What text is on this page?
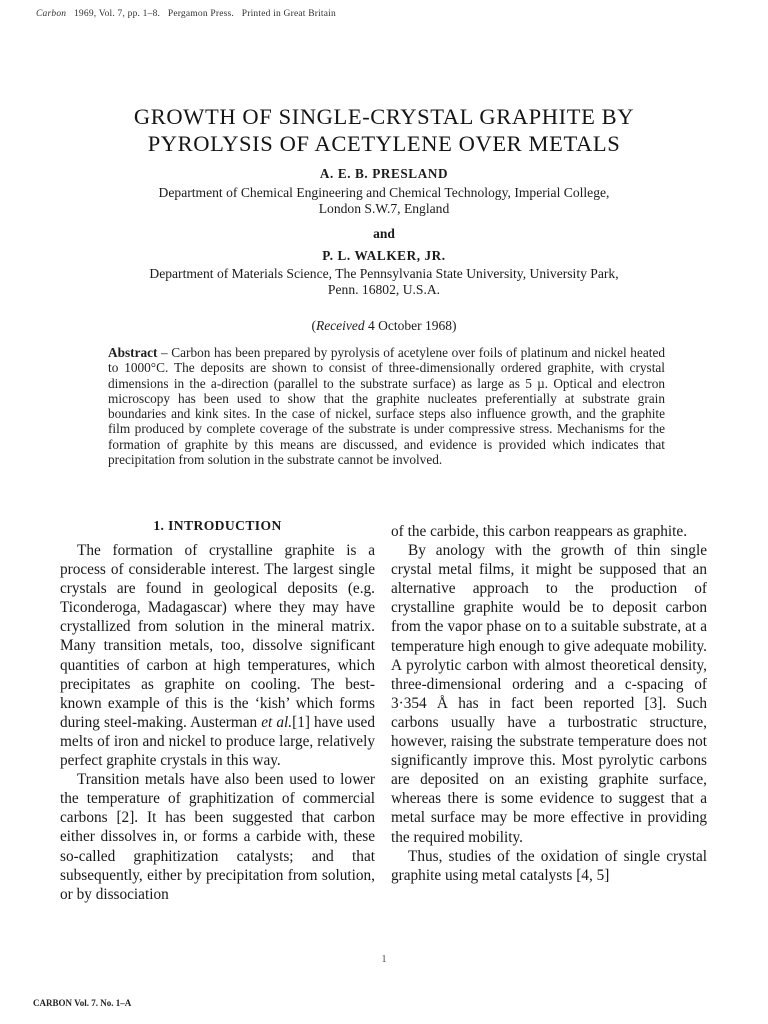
Carbon 1969, Vol. 7, pp. 1–8. Pergamon Press. Printed in Great Britain
GROWTH OF SINGLE-CRYSTAL GRAPHITE BY
PYROLYSIS OF ACETYLENE OVER METALS
A. E. B. PRESLAND
Department of Chemical Engineering and Chemical Technology, Imperial College,
London S.W.7, England
and
P. L. WALKER, JR.
Department of Materials Science, The Pennsylvania State University, University Park,
Penn. 16802, U.S.A.
(Received 4 October 1968)
Abstract – Carbon has been prepared by pyrolysis of acetylene over foils of platinum and nickel heated to 1000°C. The deposits are shown to consist of three-dimensionally ordered graphite, with crystal dimensions in the a-direction (parallel to the substrate surface) as large as 5 µ. Optical and electron microscopy has been used to show that the graphite nucleates preferentially at substrate grain boundaries and kink sites. In the case of nickel, surface steps also influence growth, and the graphite film produced by complete coverage of the substrate is under compressive stress. Mechanisms for the formation of graphite by this means are discussed, and evidence is provided which indicates that precipitation from solution in the substrate cannot be involved.
1. INTRODUCTION

The formation of crystalline graphite is a process of considerable interest. The largest single crystals are found in geological deposits (e.g. Ticonderoga, Madagascar) where they may have crystallized from solution in the mineral matrix. Many transition metals, too, dissolve significant quantities of carbon at high temperatures, which precipitates as graphite on cooling. The best-known example of this is the ‘kish’ which forms during steel-making. Austerman et al.[1] have used melts of iron and nickel to produce large, relatively perfect graphite crystals in this way.

Transition metals have also been used to lower the temperature of graphitization of commercial carbons [2]. It has been suggested that carbon either dissolves in, or forms a carbide with, these so-called graphitization catalysts; and that subsequently, either by precipitation from solution, or by dissociation

of the carbide, this carbon reappears as graphite.

By anology with the growth of thin single crystal metal films, it might be supposed that an alternative approach to the production of crystalline graphite would be to deposit carbon from the vapor phase on to a suitable substrate, at a temperature high enough to give adequate mobility. A pyrolytic carbon with almost theoretical density, three-dimensional ordering and a c-spacing of 3·354 Å has in fact been reported [3]. Such carbons usually have a turbostratic structure, however, raising the substrate temperature does not significantly improve this. Most pyrolytic carbons are deposited on an existing graphite surface, whereas there is some evidence to suggest that a metal surface may be more effective in providing the required mobility.

Thus, studies of the oxidation of single crystal graphite using metal catalysts [4, 5]

1
CARBON Vol. 7. No. 1–A
